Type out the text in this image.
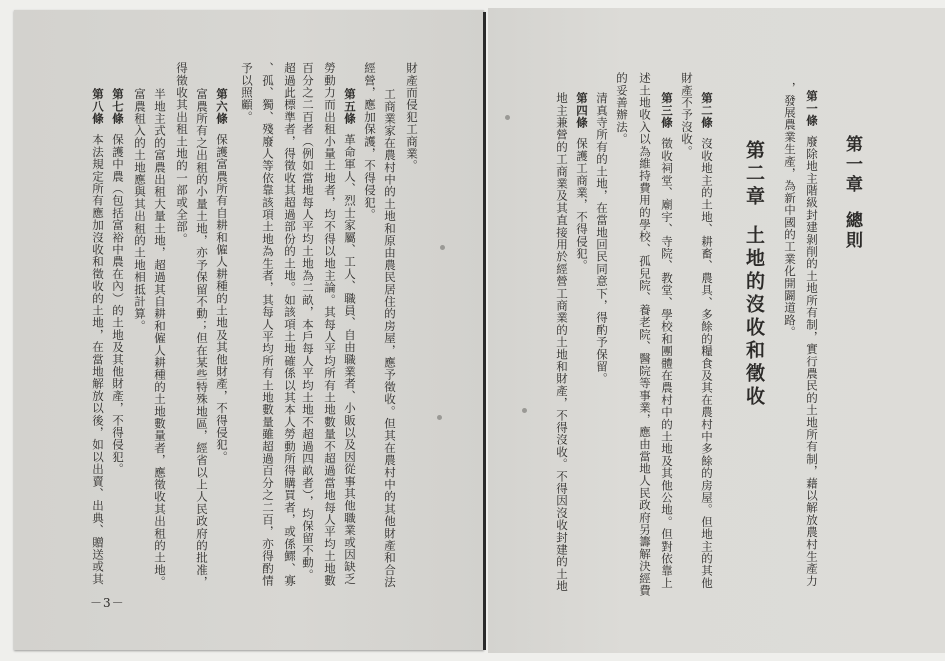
第一章總則
第一條廢除地主階級封建剝削的土地所有制，實行農民的土地所有制，藉以解放農村生產力
，發展農業生產，為新中國的工業化開闢道路。
第二章土地的沒收和徵收
第二條沒收地主的土地、耕畜、農具、多餘的糧食及其在農村中多餘的房屋。但地主的其他
財產不予沒收。
第三條徵收祠堂、廟宇、寺院、教堂、學校和團體在農村中的土地及其他公地。但對依靠上
述土地收入以為維持費用的學校、孤兒院、養老院、醫院等事業，應由當地人民政府另籌解決經費
的妥善辦法。
清真寺所有的土地，在當地回民同意下，得酌予保留。
第四條保護工商業，不得侵犯。
地主兼營的工商業及其直接用於經營工商業的土地和財產，不得沒收。不得因沒收封建的土地
財產而侵犯工商業。
工商業家在農村中的土地和原由農民居住的房屋，應予徵收。但其在農村中的其他財產和合法
經營，應加保護，不得侵犯。
第五條革命軍人、烈士家屬、工人、職員、自由職業者、小販以及因從事其他職業或因缺乏
勞動力而出租小量土地者，均不得以地主論。其每人平均所有土地數量不超過當地每人平均土地數
百分之二百者（例如當地每人平均土地為二畝，本戶每人平均土地不超過四畝者），均保留不動。
超過此標準者，得徵收其超過部份的土地。如該項土地確係以其本人勞動所得購買者，或係鰥、寡
、孤、獨、殘廢人等依靠該項土地為生者，其每人平均所有土地數量雖超過百分之二百，亦得酌情
予以照顧。
第六條保護富農所有自耕和僱人耕種的土地及其他財產，不得侵犯。
富農所有之出租的小量土地，亦予保留不動；但在某些特殊地區，經省以上人民政府的批准，
得徵收其出租土地的一部或全部。
半地主式的富農出租大量土地，超過其自耕和僱人耕種的土地數量者，應徵收其出租的土地。
富農租入的土地應與其出租的土地相抵計算。
第七條保護中農（包括富裕中農在內）的土地及其他財產，不得侵犯。
第八條本法規定所有應加沒收和徵收的土地，在當地解放以後，如以出賣、出典、贈送或其
－3－
